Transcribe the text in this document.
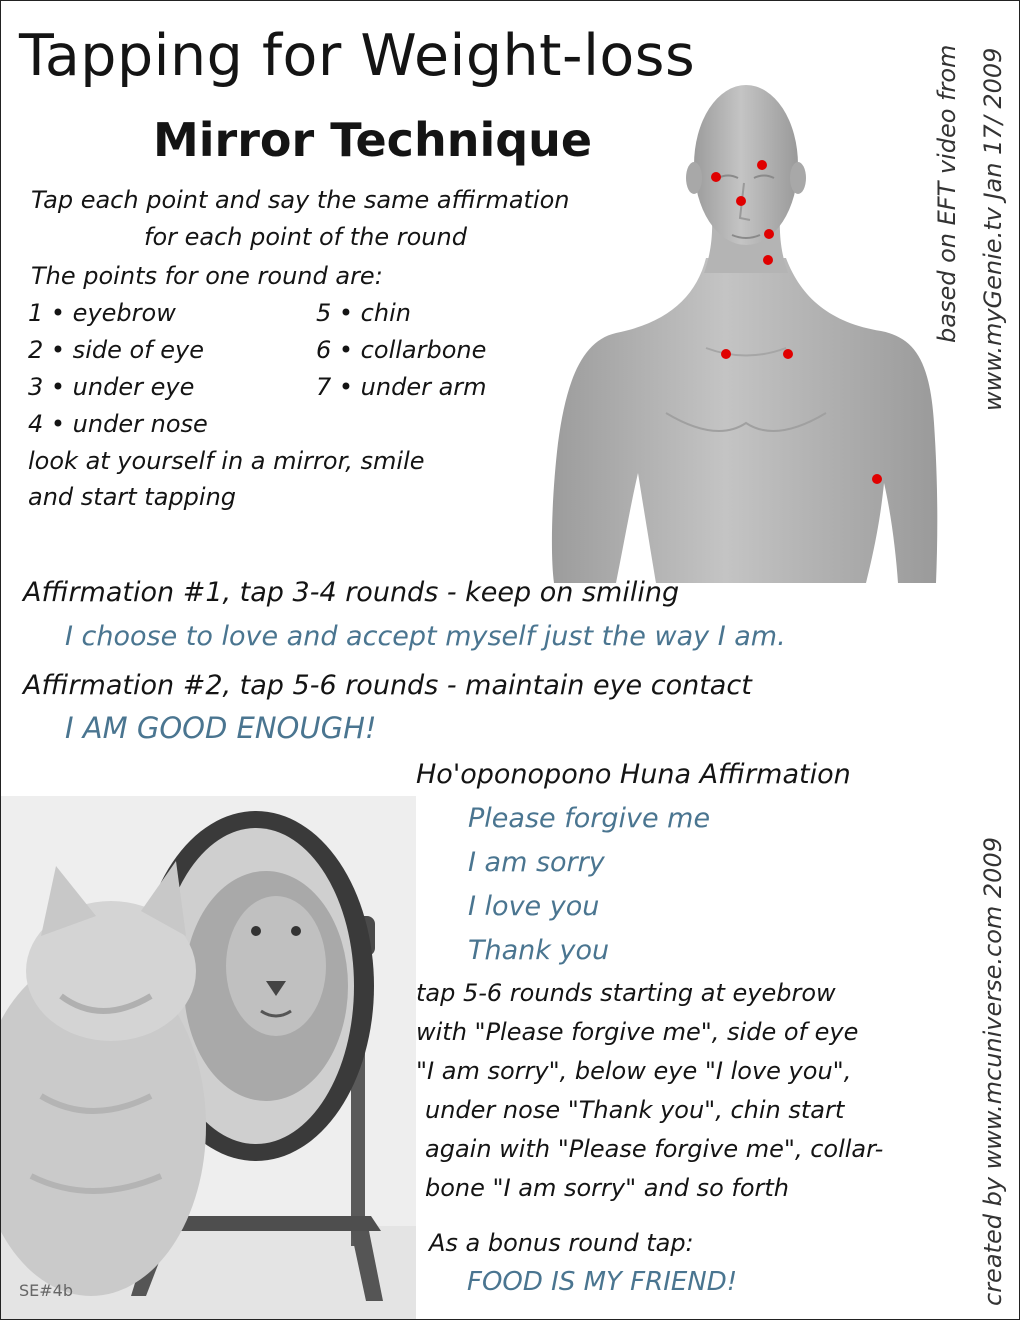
Tapping for Weight-loss
Mirror Technique

Tap each point and say the same affirmation

for each point of the round

The points for one round are:

1 • eyebrow

2 • side of eye

3 • under eye

4 • under nose

5 • chin

6 • collarbone

7 • under arm

look at yourself in a mirror, smile

and start tapping

Affirmation #1, tap 3-4 rounds - keep on smiling

I choose to love and accept myself just the way I am.

Affirmation #2, tap 5-6 rounds - maintain eye contact

I AM GOOD ENOUGH!

Ho'oponopono Huna Affirmation

Please forgive me

I am sorry

I love you

Thank you

tap 5-6 rounds starting at eyebrow

with "Please forgive me", side of eye

"I am sorry", below eye "I love you",

under nose "Thank you", chin start

again with "Please forgive me", collar-

bone "I am sorry" and so forth

As a bonus round tap:

FOOD IS MY FRIEND!

based on EFT video from www.myGenie.tv Jan 17/ 2009
created by www.mcuniverse.com 2009
SE#4b
